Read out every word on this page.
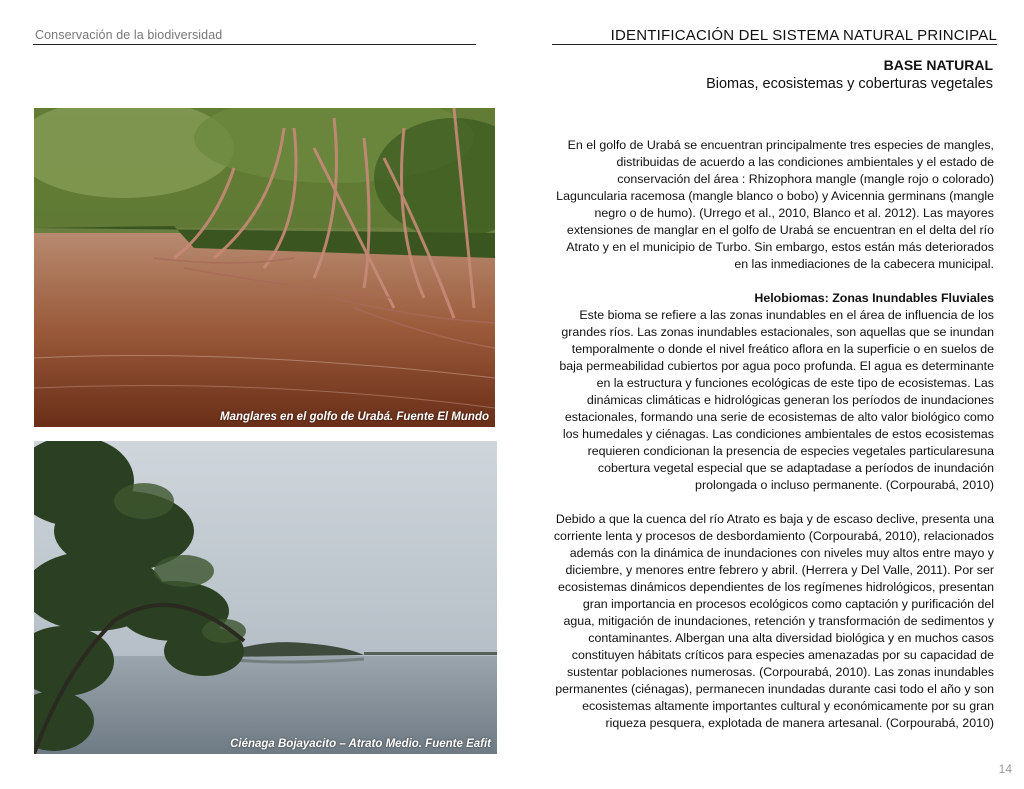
Conservación de la biodiversidad	IDENTIFICACIÓN DEL SISTEMA NATURAL PRINCIPAL
BASE NATURAL
Biomas, ecosistemas y coberturas vegetales
Manglares en el golfo de Urabá. Fuente El Mundo
Ciénaga Bojayacito – Atrato Medio. Fuente Eafit
En el golfo de Urabá se encuentran principalmente tres especies de mangles, distribuidas de acuerdo a las condiciones ambientales y el estado de conservación del área : Rhizophora mangle (mangle rojo o colorado) Laguncularia racemosa (mangle blanco o bobo) y Avicennia germinans (mangle negro o de humo). (Urrego et al., 2010, Blanco et al. 2012). Las mayores extensiones de manglar en el golfo de Urabá se encuentran en el delta del río Atrato y en el municipio de Turbo. Sin embargo, estos están más deteriorados en las inmediaciones de la cabecera municipal.
Helobiomas: Zonas Inundables Fluviales
Este bioma se refiere a las zonas inundables en el área de influencia de los grandes ríos. Las zonas inundables estacionales, son aquellas que se inundan temporalmente o donde el nivel freático aflora en la superficie o en suelos de baja permeabilidad cubiertos por agua poco profunda. El agua es determinante en la estructura y funciones ecológicas de este tipo de ecosistemas. Las dinámicas climáticas e hidrológicas generan los períodos de inundaciones estacionales, formando una serie de ecosistemas de alto valor biológico como los humedales y ciénagas. Las condiciones ambientales de estos ecosistemas requieren condicionan la presencia de especies vegetales particularesuna cobertura vegetal especial que se adaptadase a períodos de inundación prolongada o incluso permanente. (Corpourabá, 2010)
Debido a que la cuenca del río Atrato es baja y de escaso declive, presenta una corriente lenta y procesos de desbordamiento (Corpourabá, 2010), relacionados además con la dinámica de inundaciones con niveles muy altos entre mayo y diciembre, y menores entre febrero y abril. (Herrera y Del Valle, 2011). Por ser ecosistemas dinámicos dependientes de los regímenes hidrológicos, presentan gran importancia en procesos ecológicos como captación y purificación del agua, mitigación de inundaciones, retención y transformación de sedimentos y contaminantes. Albergan una alta diversidad biológica y en muchos casos constituyen hábitats críticos para especies amenazadas por su capacidad de sustentar poblaciones numerosas. (Corpourabá, 2010). Las zonas inundables permanentes (ciénagas), permanecen inundadas durante casi todo el año y son ecosistemas altamente importantes cultural y económicamente por su gran riqueza pesquera, explotada de manera artesanal. (Corpourabá, 2010)
14
